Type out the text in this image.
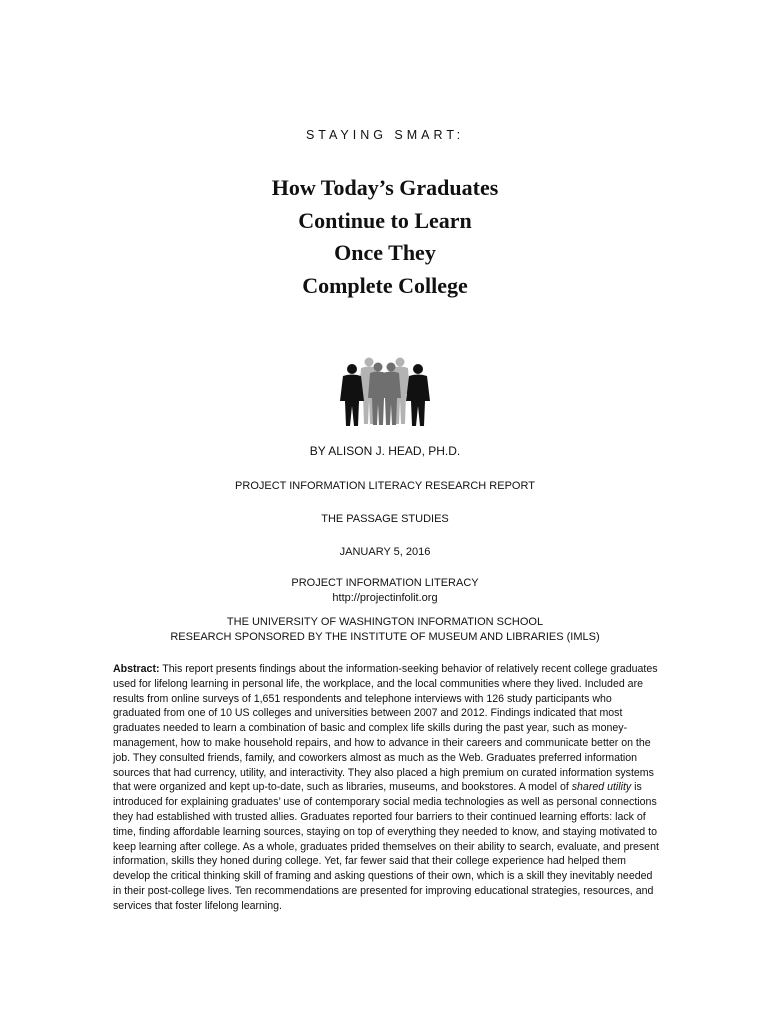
STAYING SMART:
How Today’s Graduates
Continue to Learn
Once They
Complete College
BY ALISON J. HEAD, PH.D.
PROJECT INFORMATION LITERACY RESEARCH REPORT
THE PASSAGE STUDIES
JANUARY 5, 2016
PROJECT INFORMATION LITERACY
http://projectinfolit.org
THE UNIVERSITY OF WASHINGTON INFORMATION SCHOOL
RESEARCH SPONSORED BY THE INSTITUTE OF MUSEUM AND LIBRARIES (IMLS)
Abstract: This report presents findings about the information-seeking behavior of relatively recent college graduates used for lifelong learning in personal life, the workplace, and the local communities where they lived. Included are results from online surveys of 1,651 respondents and telephone interviews with 126 study participants who graduated from one of 10 US colleges and universities between 2007 and 2012. Findings indicated that most graduates needed to learn a combination of basic and complex life skills during the past year, such as money-management, how to make household repairs, and how to advance in their careers and communicate better on the job. They consulted friends, family, and coworkers almost as much as the Web. Graduates preferred information sources that had currency, utility, and interactivity. They also placed a high premium on curated information systems that were organized and kept up-to-date, such as libraries, museums, and bookstores. A model of shared utility is introduced for explaining graduates’ use of contemporary social media technologies as well as personal connections they had established with trusted allies. Graduates reported four barriers to their continued learning efforts: lack of time, finding affordable learning sources, staying on top of everything they needed to know, and staying motivated to keep learning after college. As a whole, graduates prided themselves on their ability to search, evaluate, and present information, skills they honed during college. Yet, far fewer said that their college experience had helped them develop the critical thinking skill of framing and asking questions of their own, which is a skill they inevitably needed in their post-college lives. Ten recommendations are presented for improving educational strategies, resources, and services that foster lifelong learning.
